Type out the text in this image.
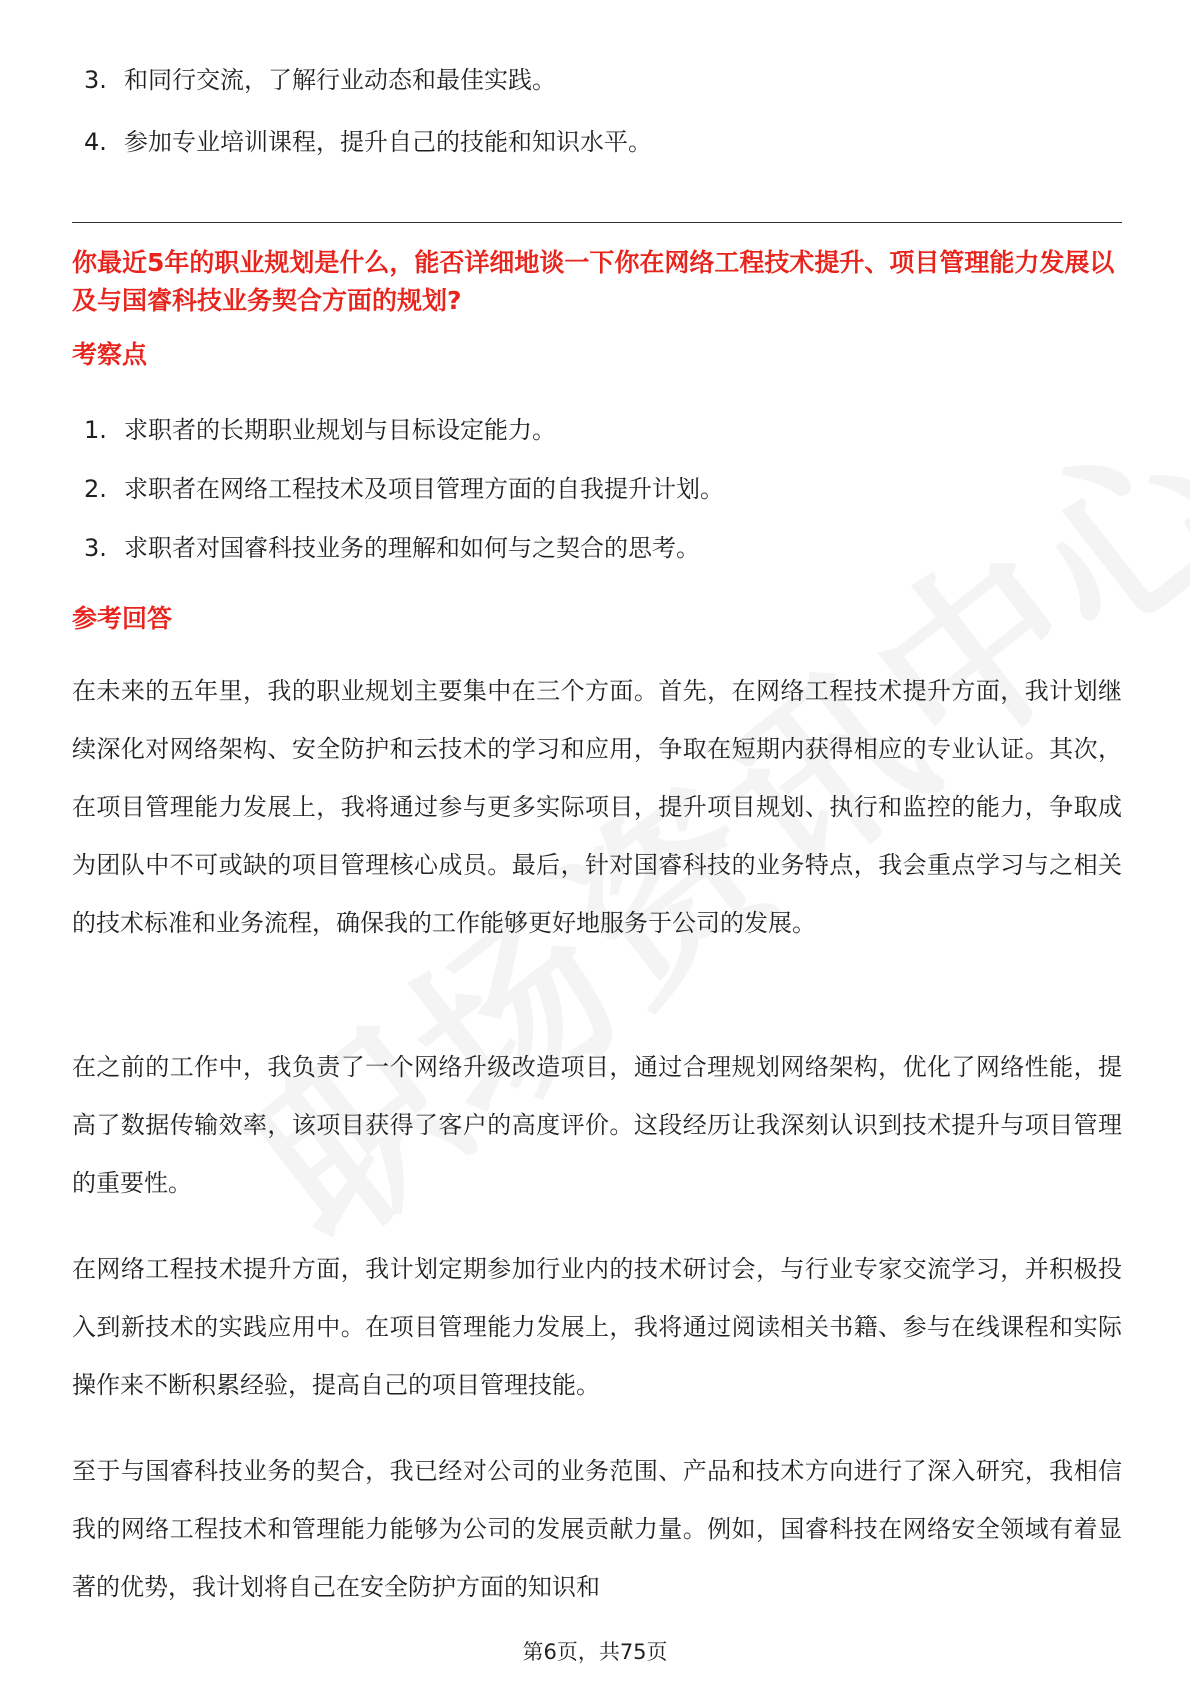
3. 和同行交流，了解行业动态和最佳实践。
4. 参加专业培训课程，提升自己的技能和知识水平。
你最近5年的职业规划是什么，能否详细地谈一下你在网络工程技术提升、项目管理能力发展以及与国睿科技业务契合方面的规划?
考察点
1. 求职者的长期职业规划与目标设定能力。
2. 求职者在网络工程技术及项目管理方面的自我提升计划。
3. 求职者对国睿科技业务的理解和如何与之契合的思考。
参考回答

在未来的五年里，我的职业规划主要集中在三个方面。首先，在网络工程技术提升方面，我计划继续深化对网络架构、安全防护和云技术的学习和应用，争取在短期内获得相应的专业认证。其次，在项目管理能力发展上，我将通过参与更多实际项目，提升项目规划、执行和监控的能力，争取成为团队中不可或缺的项目管理核心成员。最后，针对国睿科技的业务特点，我会重点学习与之相关的技术标准和业务流程，确保我的工作能够更好地服务于公司的发展。

在之前的工作中，我负责了一个网络升级改造项目，通过合理规划网络架构，优化了网络性能，提高了数据传输效率，该项目获得了客户的高度评价。这段经历让我深刻认识到技术提升与项目管理的重要性。

在网络工程技术提升方面，我计划定期参加行业内的技术研讨会，与行业专家交流学习，并积极投入到新技术的实践应用中。在项目管理能力发展上，我将通过阅读相关书籍、参与在线课程和实际操作来不断积累经验，提高自己的项目管理技能。

至于与国睿科技业务的契合，我已经对公司的业务范围、产品和技术方向进行了深入研究，我相信我的网络工程技术和管理能力能够为公司的发展贡献力量。例如，国睿科技在网络安全领域有着显著的优势，我计划将自己在安全防护方面的知识和

第6页，共75页
